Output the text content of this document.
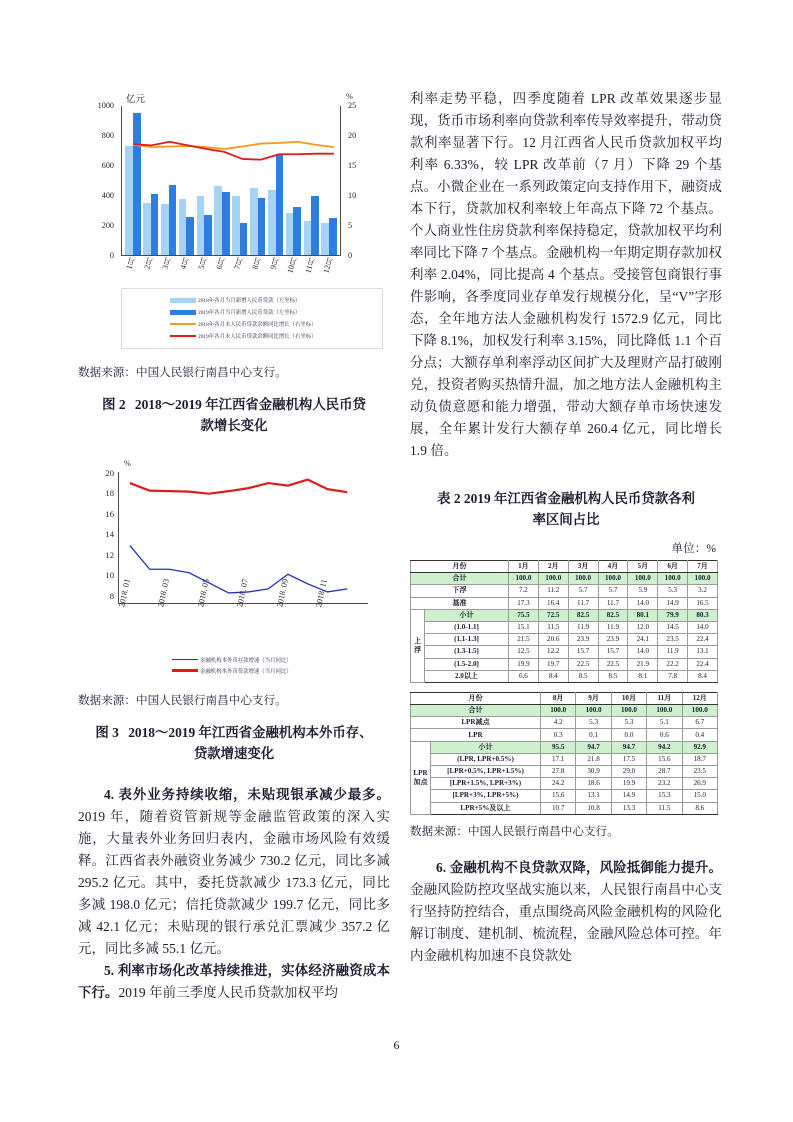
亿元	%
1000
800
600
400
200
0
25
20
15
10
5
0
1月 2月 3月 4月 5月 6月 7月 8月 9月 10月 11月 12月
2018年各月当月新增人民币贷款（左坐标）
2019年各月当月新增人民币贷款（左坐标）
2018年各月末人民币贷款余额同比增长（右坐标）
2019年各月末人民币贷款余额同比增长（右坐标）

数据来源：中国人民银行南昌中心支行。

图 2 2018～2019 年江西省金融机构人民币贷
款增长变化

%
20
18
16
14
12
10
8 2018. 01	2018. 03	2018. 05	2018. 07	2018. 09	2018. 11
金融机构本外币存款增速（当月同比）
金融机构本外币贷款增速（当月同比）

数据来源：中国人民银行南昌中心支行。

图 3 2018～2019 年江西省金融机构本外币存、
贷款增速变化

4. 表外业务持续收缩，未贴现银承减少最多。2019 年，随着资管新规等金融监管政策的深入实施，大量表外业务回归表内，金融市场风险有效缓释。江西省表外融资业务减少 730.2 亿元，同比多减 295.2 亿元。其中，委托贷款减少 173.3 亿元，同比多减 198.0 亿元；信托贷款减少 199.7 亿元，同比多减 42.1 亿元；未贴现的银行承兑汇票减少 357.2 亿元，同比多减 55.1 亿元。

5. 利率市场化改革持续推进，实体经济融资成本下行。2019 年前三季度人民币贷款加权平均

利率走势平稳，四季度随着 LPR 改革效果逐步显现，货币市场利率向贷款利率传导效率提升，带动贷款利率显著下行。12 月江西省人民币贷款加权平均利率 6.33%，较 LPR 改革前（7 月）下降 29 个基点。小微企业在一系列政策定向支持作用下，融资成本下行，贷款加权利率较上年高点下降 72 个基点。个人商业性住房贷款利率保持稳定，贷款加权平均利率同比下降 7 个基点。金融机构一年期定期存款加权利率 2.04%，同比提高 4 个基点。受接管包商银行事件影响，各季度同业存单发行规模分化，呈“V”字形态，全年地方法人金融机构发行 1572.9 亿元，同比下降 8.1%，加权发行利率 3.15%，同比降低 1.1 个百分点；大额存单利率浮动区间扩大及理财产品打破刚兑，投资者购买热情升温，加之地方法人金融机构主动负债意愿和能力增强，带动大额存单市场快速发展，全年累计发行大额存单 260.4 亿元，同比增长 1.9 倍。

表 2 2019 年江西省金融机构人民币贷款各利
率区间占比

单位：%

月份		1月	2月	3月	4月	5月	6月	7月
合计		100.0	100.0	100.0	100.0	100.0	100.0	100.0
下浮		7.2	11.2	5.7	5.7	5.9	5.3	3.2
基准		17.3	16.4	11.7	11.7	14.0	14.9	16.5
上浮	小计	75.5	72.5	82.5	82.5	80.1	79.9	80.3
	(1.0-1.1]	15.1	11.5	11.9	11.9	12.0	14.5	14.0
	(1.1-1.3]	21.5	20.6	23.9	23.9	24.1	23.5	22.4
	(1.3-1.5]	12.5	12.2	15.7	15.7	14.0	11.9	13.1
	(1.5-2.0]	19.9	19.7	22.5	22.5	21.9	22.2	22.4
	2.0以上	6.6	8.4	8.5	8.5	8.1	7.8	8.4
月份		8月	9月	10月	11月	12月
合计		100.0	100.0	100.0	100.0	100.0
LPR减点		4.2	5.3	5.3	5.1	6.7
LPR		0.3	0.1	0.0	0.6	0.4
LPR加点	小计	95.5	94.7	94.7	94.2	92.9
	(LPR, LPR+0.5%)	17.1	21.8	17.5	15.6	18.7
	[LPR+0.5%, LPR+1.5%)	27.8	30.9	29.0	28.7	23.5
	[LPR+1.5%, LPR+3%)	24.2	18.6	19.9	23.2	26.9
	[LPR+3%, LPR+5%)	15.6	13.1	14.9	15.3	15.0
	LPR+5%及以上	10.7	10.8	13.3	11.5	8.6

数据来源：中国人民银行南昌中心支行。

6. 金融机构不良贷款双降，风险抵御能力提升。金融风险防控攻坚战实施以来，人民银行南昌中心支行坚持防控结合，重点围绕高风险金融机构的风险化解订制度、建机制、梳流程，金融风险总体可控。年内金融机构加速不良贷款处

6
